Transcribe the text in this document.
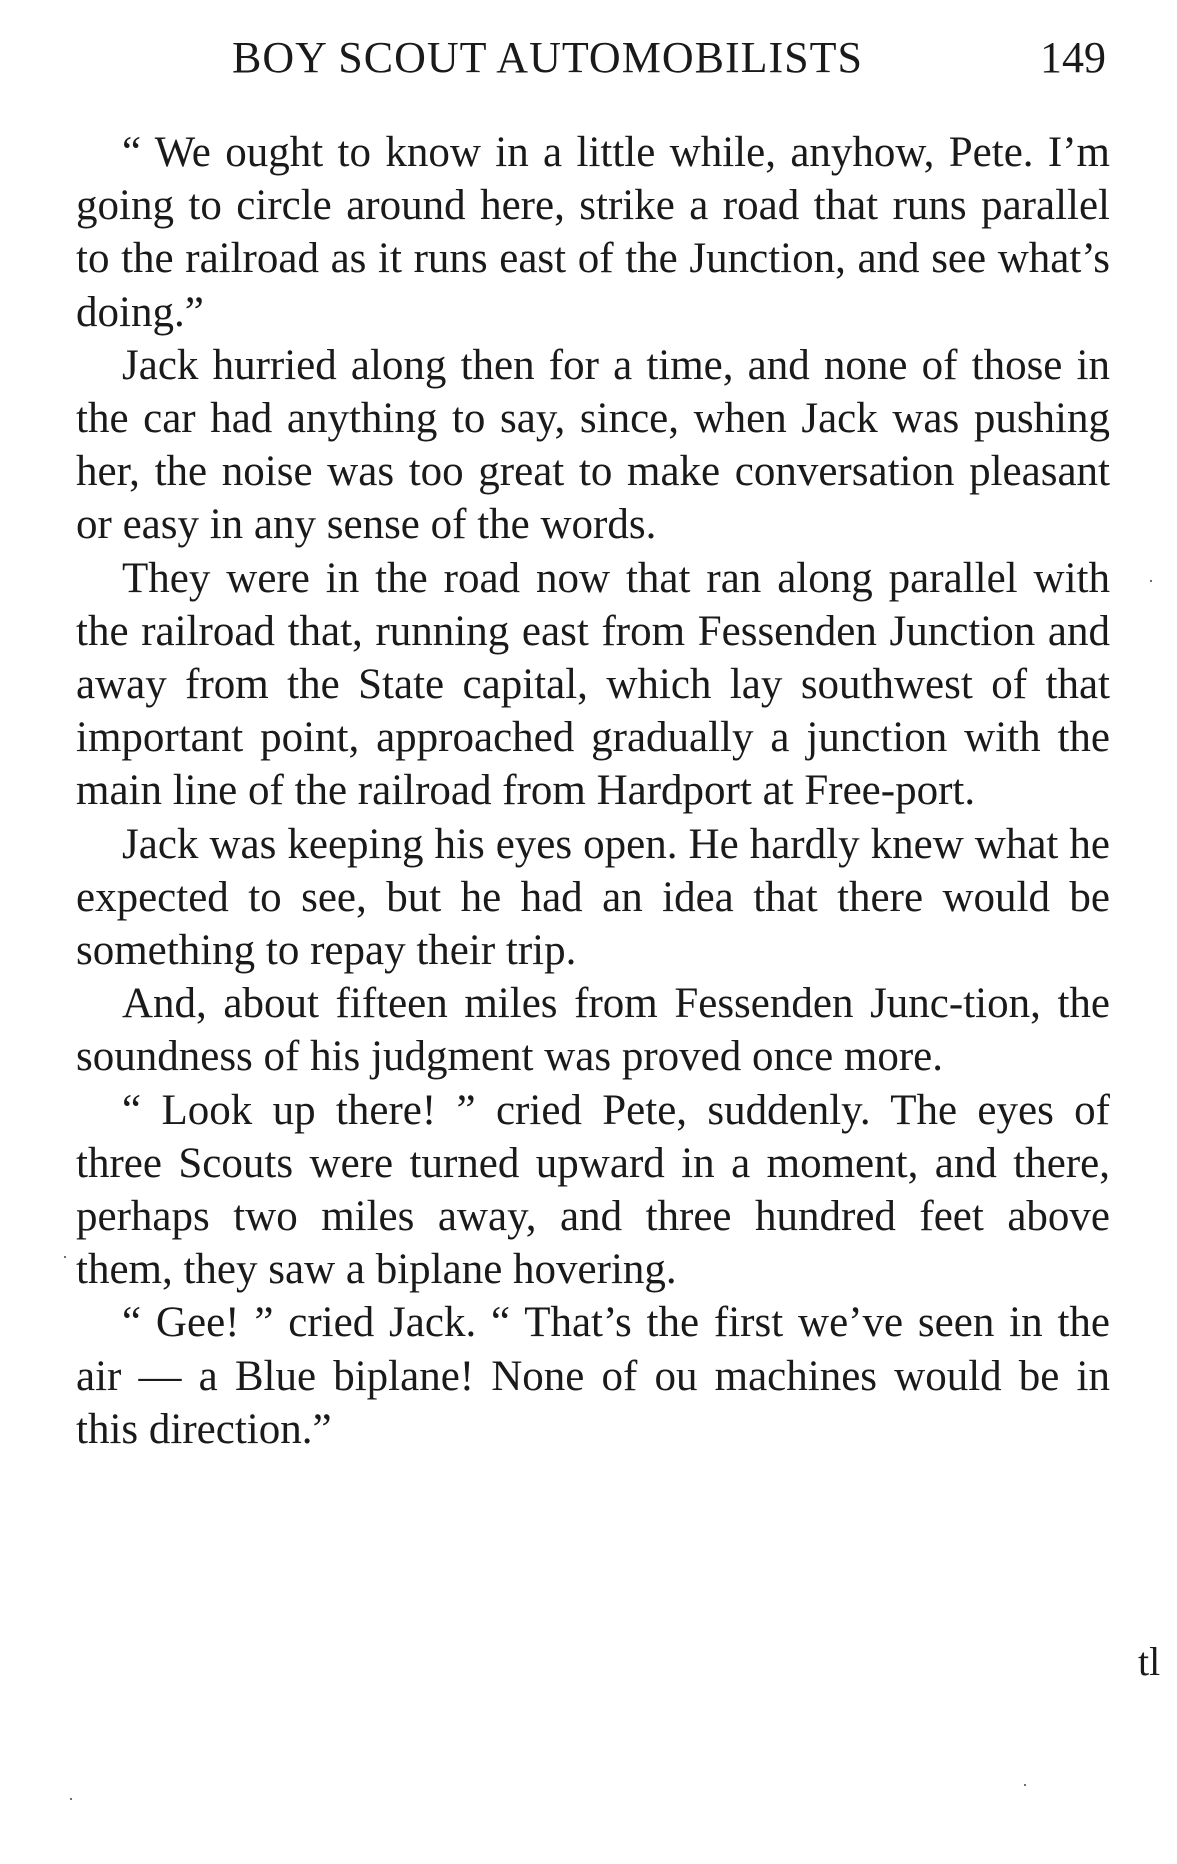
BOY SCOUT AUTOMOBILISTS	149

“ We ought to know in a little while, anyhow, Pete. I’m going to circle around here, strike a road that runs parallel to the railroad as it runs east of the Junction, and see what’s doing.”

Jack hurried along then for a time, and none of those in the car had anything to say, since, when Jack was pushing her, the noise was too great to make conversation pleasant or easy in any sense of the words.

They were in the road now that ran along parallel with the railroad that, running east from Fessenden Junction and away from the State capital, which lay southwest of that important point, approached gradually a junction with the main line of the railroad from Hardport at Free-port.

Jack was keeping his eyes open. He hardly knew what he expected to see, but he had an idea that there would be something to repay their trip.

And, about fifteen miles from Fessenden Junc-tion, the soundness of his judgment was proved once more.

“ Look up there! ” cried Pete, suddenly. The eyes of three Scouts were turned upward in a moment, and there, perhaps two miles away, and three hundred feet above them, they saw a biplane hovering.

“ Gee! ” cried Jack. “ That’s the first we’ve seen in the air — a Blue biplane! None of ou machines would be in this direction.”

tl
·
·
·
·
